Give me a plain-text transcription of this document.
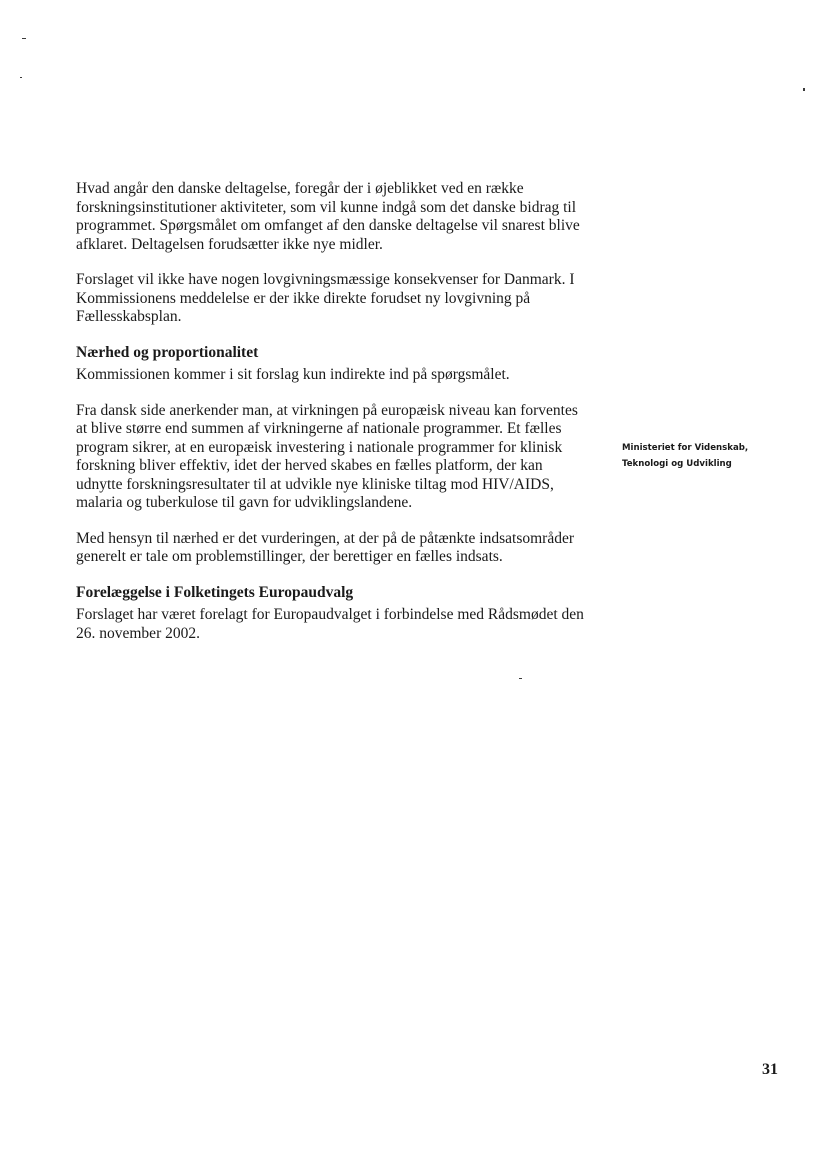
Hvad angår den danske deltagelse, foregår der i øjeblikket ved en række
forskningsinstitutioner aktiviteter, som vil kunne indgå som det danske bidrag til
programmet. Spørgsmålet om omfanget af den danske deltagelse vil snarest blive
afklaret. Deltagelsen forudsætter ikke nye midler.
Forslaget vil ikke have nogen lovgivningsmæssige konsekvenser for Danmark. I
Kommissionens meddelelse er der ikke direkte forudset ny lovgivning på
Fællesskabsplan.
Nærhed og proportionalitet
Kommissionen kommer i sit forslag kun indirekte ind på spørgsmålet.
Fra dansk side anerkender man, at virkningen på europæisk niveau kan forventes
at blive større end summen af virkningerne af nationale programmer. Et fælles
program sikrer, at en europæisk investering i nationale programmer for klinisk
forskning bliver effektiv, idet der herved skabes en fælles platform, der kan
udnytte forskningsresultater til at udvikle nye kliniske tiltag mod HIV/AIDS,
malaria og tuberkulose til gavn for udviklingslandene.
Med hensyn til nærhed er det vurderingen, at der på de påtænkte indsatsområder
generelt er tale om problemstillinger, der berettiger en fælles indsats.
Forelæggelse i Folketingets Europaudvalg
Forslaget har været forelagt for Europaudvalget i forbindelse med Rådsmødet den
26. november 2002.
Ministeriet for Videnskab,
Teknologi og Udvikling
31
